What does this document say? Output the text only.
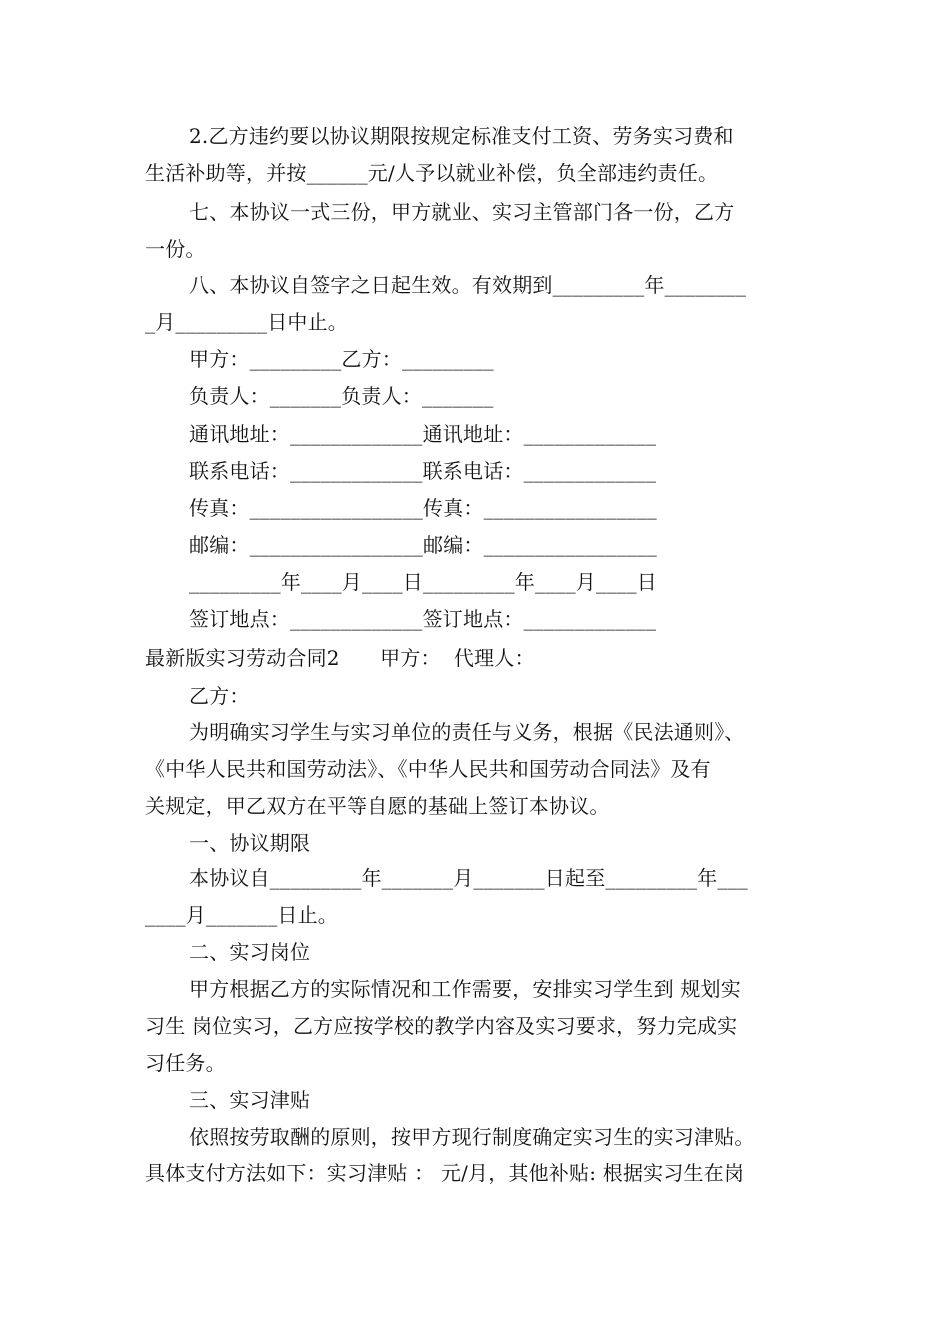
2.乙方违约要以协议期限按规定标准支付工资、劳务实习费和
生活补助等，并按______元/人予以就业补偿，负全部违约责任。
七、本协议一式三份，甲方就业、实习主管部门各一份，乙方
一份。
八、本协议自签字之日起生效。有效期到_________年________
_月_________日中止。
甲方：_________乙方：_________
负责人：_______负责人：_______
通讯地址：_____________通讯地址：_____________
联系电话：_____________联系电话：_____________
传真：_________________传真：_________________
邮编：_________________邮编：_________________
_________年____月____日_________年____月____日
签订地点：_____________签订地点：_____________
最新版实习劳动合同2　　甲方：  代理人：
乙方：
为明确实习学生与实习单位的责任与义务，根据《民法通则》、
《中华人民共和国劳动法》、《中华人民共和国劳动合同法》及有
关规定，甲乙双方在平等自愿的基础上签订本协议。
一、协议期限
本协议自_________年_______月_______日起至_________年___
____月_______日止。
二、实习岗位
甲方根据乙方的实际情况和工作需要，安排实习学生到 规划实
习生 岗位实习，乙方应按学校的教学内容及实习要求，努力完成实
习任务。
三、实习津贴
依照按劳取酬的原则，按甲方现行制度确定实习生的实习津贴。
具体支付方法如下：实习津贴 ： 元/月，其他补贴: 根据实习生在岗
